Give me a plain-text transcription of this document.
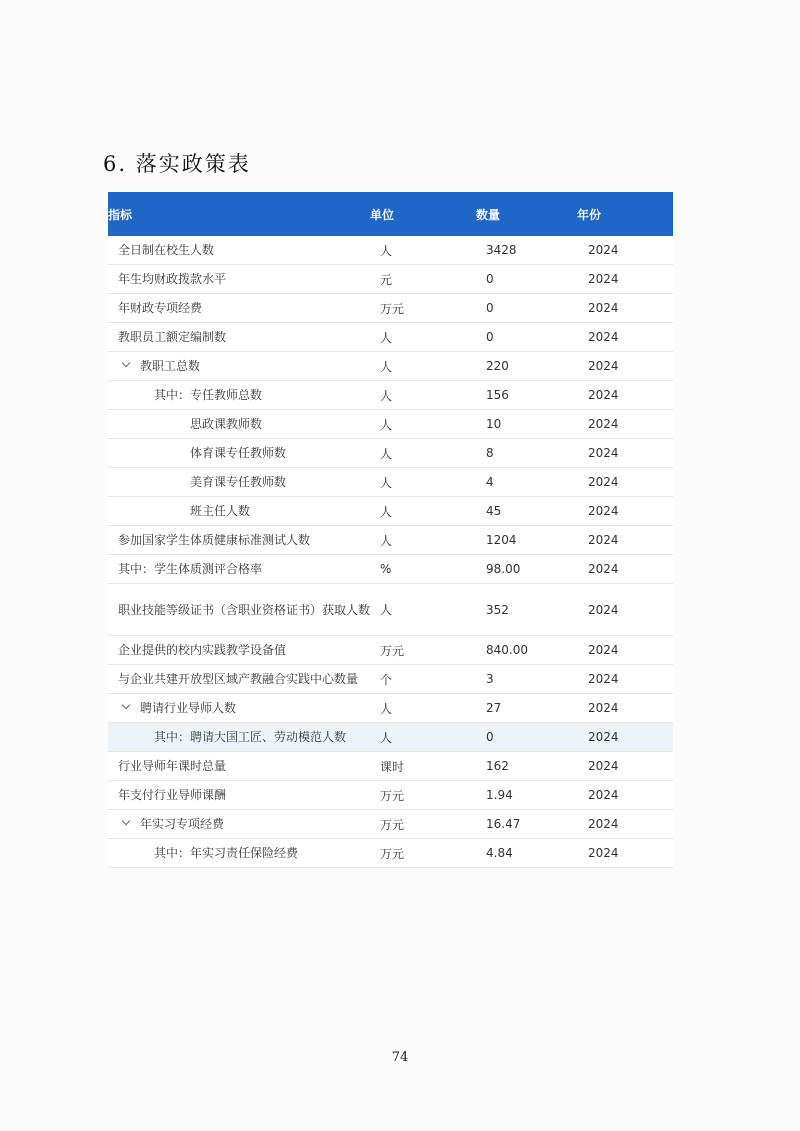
6. 落实政策表
指标	单位	数量	年份
全日制在校生人数	人	3428	2024
年生均财政拨款水平	元	0	2024
年财政专项经费	万元	0	2024
教职员工额定编制数	人	0	2024
教职工总数	人	220	2024
其中：专任教师总数	人	156	2024
思政课教师数	人	10	2024
体育课专任教师数	人	8	2024
美育课专任教师数	人	4	2024
班主任人数	人	45	2024
参加国家学生体质健康标准测试人数	人	1204	2024
其中：学生体质测评合格率	%	98.00	2024
职业技能等级证书（含职业资格证书）获取人数 人	352	2024
企业提供的校内实践教学设备值	万元	840.00	2024
与企业共建开放型区域产教融合实践中心数量 个	3	2024
聘请行业导师人数	人	27	2024
其中：聘请大国工匠、劳动模范人数	人	0	2024
行业导师年课时总量	课时	162	2024
年支付行业导师课酬	万元	1.94	2024
年实习专项经费	万元	16.47	2024
其中：年实习责任保险经费	万元	4.84	2024
74
